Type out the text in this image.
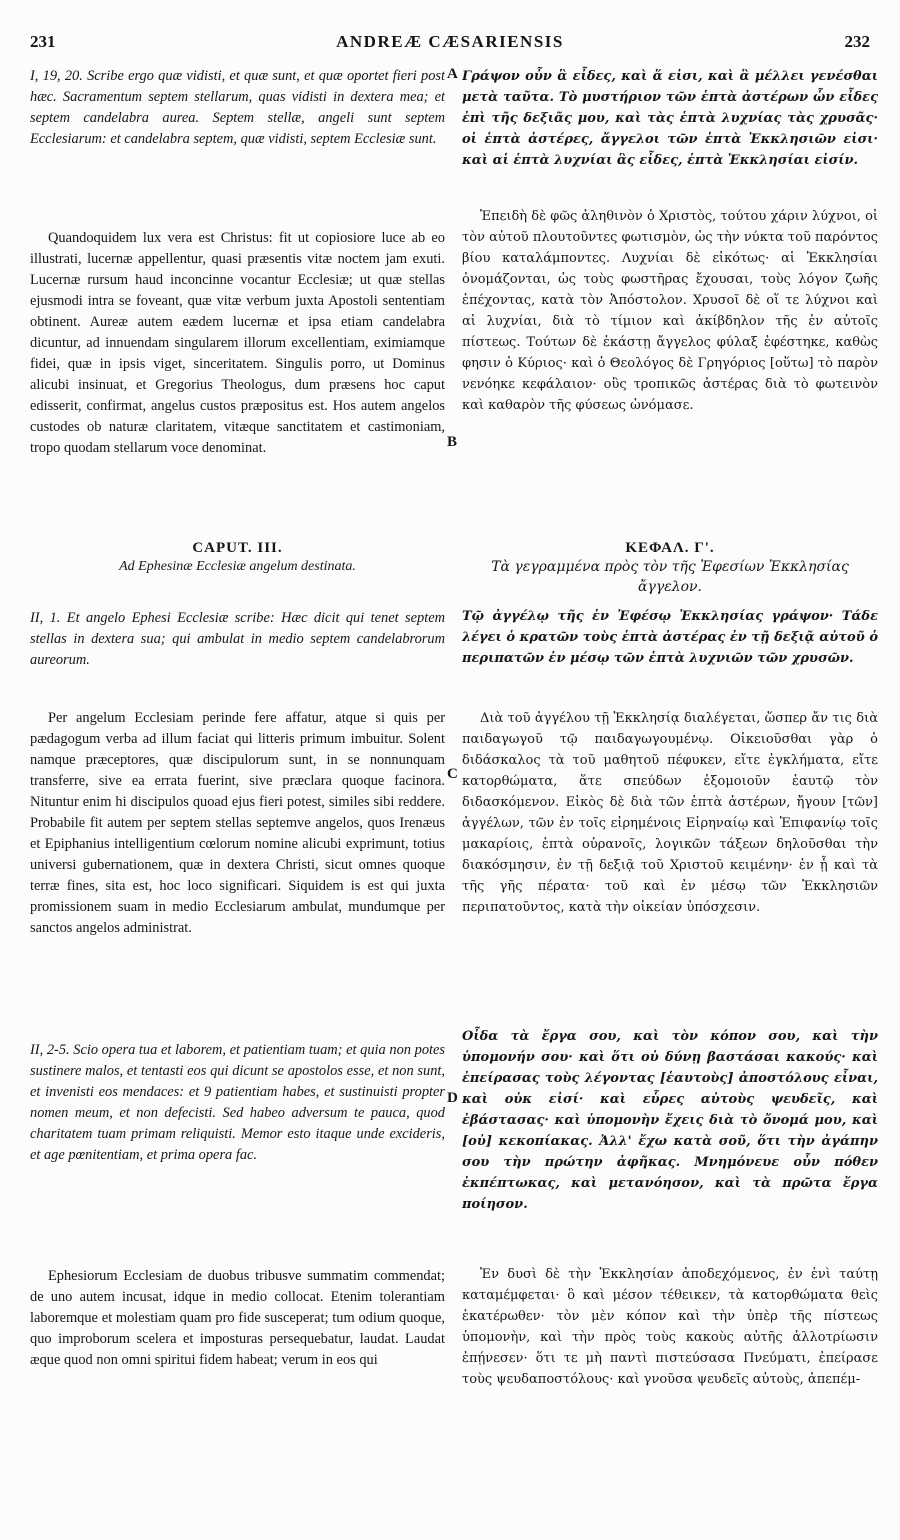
231	ANDREÆ CÆSARIENSIS	232
A
B
C
D

I, 19, 20. Scribe ergo quæ vidisti, et quæ sunt, et quæ oportet fieri post hæc. Sacramentum septem stellarum, quas vidisti in dextera mea; et septem candelabra aurea. Septem stellæ, angeli sunt septem Ecclesiarum: et candelabra septem, quæ vidisti, septem Ecclesiæ sunt.

Quandoquidem lux vera est Christus: fit ut copiosiore luce ab eo illustrati, lucernæ appellentur, quasi præsentis vitæ noctem jam exuti. Lucernæ rursum haud inconcinne vocantur Ecclesiæ; ut quæ stellas ejusmodi intra se foveant, quæ vitæ verbum juxta Apostoli sententiam obtinent. Aureæ autem eædem lucernæ et ipsa etiam candelabra dicuntur, ad innuendam singularem illorum excellentiam, eximiamque fidei, quæ in ipsis viget, sinceritatem. Singulis porro, ut Dominus alicubi insinuat, et Gregorius Theologus, dum præsens hoc caput edisserit, confirmat, angelus custos præpositus est. Hos autem angelos custodes ob naturæ claritatem, vitæque sanctitatem et castimoniam, tropo quodam stellarum voce denominat.

CAPUT. III.

Ad Ephesinæ Ecclesiæ angelum destinata.

II, 1. Et angelo Ephesi Ecclesiæ scribe: Hæc dicit qui tenet septem stellas in dextera sua; qui ambulat in medio septem candelabrorum aureorum.

Per angelum Ecclesiam perinde fere affatur, atque si quis per pædagogum verba ad illum faciat qui litteris primum imbuitur. Solent namque præceptores, quæ discipulorum sunt, in se nonnunquam transferre, sive ea errata fuerint, sive præclara quoque facinora. Nituntur enim hi discipulos quoad ejus fieri potest, similes sibi reddere. Probabile fit autem per septem stellas septemve angelos, quos Irenæus et Epiphanius intelligentium cœlorum nomine alicubi exprimunt, totius universi gubernationem, quæ in dextera Christi, sicut omnes quoque terræ fines, sita est, hoc loco significari. Siquidem is est qui juxta promissionem suam in medio Ecclesiarum ambulat, mundumque per sanctos angelos administrat.

II, 2-5. Scio opera tua et laborem, et patientiam tuam; et quia non potes sustinere malos, et tentasti eos qui dicunt se apostolos esse, et non sunt, et invenisti eos mendaces: et 9 patientiam habes, et sustinuisti propter nomen meum, et non defecisti. Sed habeo adversum te pauca, quod charitatem tuam primam reliquisti. Memor esto itaque unde excideris, et age pœnitentiam, et prima opera fac.

Ephesiorum Ecclesiam de duobus tribusve summatim commendat; de uno autem incusat, idque in medio collocat. Etenim tolerantiam laboremque et molestiam quam pro fide susceperat; tum odium quoque, quo improborum scelera et imposturas persequebatur, laudat. Laudat æque quod non omni spiritui fidem habeat; verum in eos qui

Γράψον οὖν ἃ εἶδες, καὶ ἅ εἰσι, καὶ ἃ μέλλει γενέσθαι μετὰ ταῦτα. Τὸ μυστήριον τῶν ἑπτὰ ἀστέρων ὧν εἶδες ἐπὶ τῆς δεξιᾶς μου, καὶ τὰς ἑπτὰ λυχνίας τὰς χρυσᾶς· οἱ ἑπτὰ ἀστέρες, ἄγγελοι τῶν ἑπτὰ Ἐκκλησιῶν εἰσι· καὶ αἱ ἑπτὰ λυχνίαι ἃς εἶδες, ἑπτὰ Ἐκκλησίαι εἰσίν.

Ἐπειδὴ δὲ φῶς ἀληθινὸν ὁ Χριστὸς, τούτου χάριν λύχνοι, οἱ τὸν αὐτοῦ πλουτοῦντες φωτισμὸν, ὡς τὴν νύκτα τοῦ παρόντος βίου καταλάμποντες. Λυχνίαι δὲ εἰκότως· αἱ Ἐκκλησίαι ὀνομάζονται, ὡς τοὺς φωστῆρας ἔχουσαι, τοὺς λόγον ζωῆς ἐπέχοντας, κατὰ τὸν Ἀπόστολον. Χρυσοῖ δὲ οἵ τε λύχνοι καὶ αἱ λυχνίαι, διὰ τὸ τίμιον καὶ ἀκίβδηλον τῆς ἐν αὐτοῖς πίστεως. Τούτων δὲ ἑκάστῃ ἄγγελος φύλαξ ἐφέστηκε, καθὼς φησιν ὁ Κύριος· καὶ ὁ Θεολόγος δὲ Γρηγόριος [οὕτω] τὸ παρὸν νενόηκε κεφάλαιον· οὓς τροπικῶς ἀστέρας διὰ τὸ φωτεινὸν καὶ καθαρὸν τῆς φύσεως ὠνόμασε.

ΚΕΦΑΛ. Γ'.

Τὰ γεγραμμένα πρὸς τὸν τῆς Ἐφεσίων Ἐκκλησίας ἄγγελον.

Τῷ ἀγγέλῳ τῆς ἐν Ἐφέσῳ Ἐκκλησίας γράψον· Τάδε λέγει ὁ κρατῶν τοὺς ἑπτὰ ἀστέρας ἐν τῇ δεξιᾷ αὐτοῦ ὁ περιπατῶν ἐν μέσῳ τῶν ἑπτὰ λυχνιῶν τῶν χρυσῶν.

Διὰ τοῦ ἀγγέλου τῇ Ἐκκλησίᾳ διαλέγεται, ὥσπερ ἄν τις διὰ παιδαγωγοῦ τῷ παιδαγωγουμένῳ. Οἰκειοῦσθαι γὰρ ὁ διδάσκαλος τὰ τοῦ μαθητοῦ πέφυκεν, εἴτε ἐγκλήματα, εἴτε κατορθώματα, ἅτε σπεύδων ἐξομοιοῦν ἑαυτῷ τὸν διδασκόμενον. Εἰκὸς δὲ διὰ τῶν ἑπτὰ ἀστέρων, ἤγουν [τῶν] ἀγγέλων, τῶν ἐν τοῖς εἰρημένοις Εἰρηναίῳ καὶ Ἐπιφανίῳ τοῖς μακαρίοις, ἑπτὰ οὐρανοῖς, λογικῶν τάξεων δηλοῦσθαι τὴν διακόσμησιν, ἐν τῇ δεξιᾷ τοῦ Χριστοῦ κειμένην· ἐν ᾗ καὶ τὰ τῆς γῆς πέρατα· τοῦ καὶ ἐν μέσῳ τῶν Ἐκκλησιῶν περιπατοῦντος, κατὰ τὴν οἰκείαν ὑπόσχεσιν.

Οἶδα τὰ ἔργα σου, καὶ τὸν κόπον σου, καὶ τὴν ὑπομονήν σου· καὶ ὅτι οὐ δύνῃ βαστάσαι κακούς· καὶ ἐπείρασας τοὺς λέγοντας [ἑαυτοὺς] ἀποστόλους εἶναι, καὶ οὐκ εἰσί· καὶ εὗρες αὐτοὺς ψευδεῖς, καὶ ἐβάστασας· καὶ ὑπομονὴν ἔχεις διὰ τὸ ὄνομά μου, καὶ [οὐ] κεκοπίακας. Ἀλλ' ἔχω κατὰ σοῦ, ὅτι τὴν ἀγάπην σου τὴν πρώτην ἀφῆκας. Μνημόνευε οὖν πόθεν ἐκπέπτωκας, καὶ μετανόησον, καὶ τὰ πρῶτα ἔργα ποίησον.

Ἐν δυσὶ δὲ τὴν Ἐκκλησίαν ἀποδεχόμενος, ἐν ἑνὶ ταύτῃ καταμέμφεται· ὃ καὶ μέσον τέθεικεν, τὰ κατορθώματα θεὶς ἑκατέρωθεν· τὸν μὲν κόπον καὶ τὴν ὑπὲρ τῆς πίστεως ὑπομονὴν, καὶ τὴν πρὸς τοὺς κακοὺς αὐτῆς ἀλλοτρίωσιν ἐπῄνεσεν· ὅτι τε μὴ παντὶ πιστεύσασα Πνεύματι, ἐπείρασε τοὺς ψευδαποστόλους· καὶ γνοῦσα ψευδεῖς αὐτοὺς, ἀπεπέμ-
